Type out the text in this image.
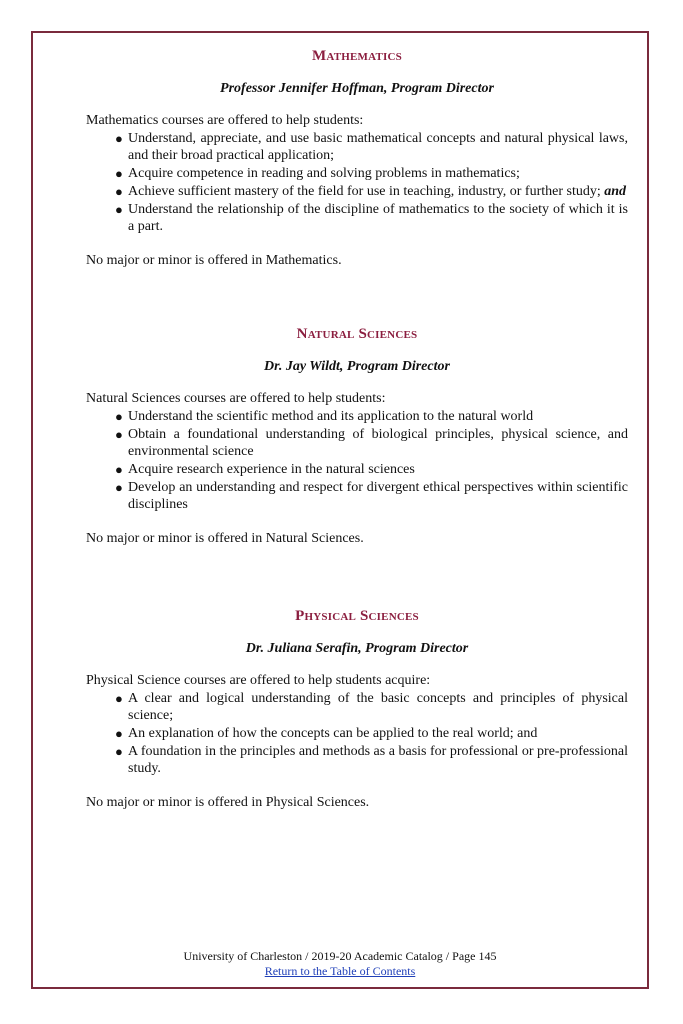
Mathematics

Professor Jennifer Hoffman, Program Director

Mathematics courses are offered to help students:

● Understand, appreciate, and use basic mathematical concepts and natural physical laws, and their broad practical application;
● Acquire competence in reading and solving problems in mathematics;
● Achieve sufficient mastery of the field for use in teaching, industry, or further study; and
● Understand the relationship of the discipline of mathematics to the society of which it is a part.

No major or minor is offered in Mathematics.

Natural Sciences

Dr. Jay Wildt, Program Director

Natural Sciences courses are offered to help students:

● Understand the scientific method and its application to the natural world
● Obtain a foundational understanding of biological principles, physical science, and environmental science
● Acquire research experience in the natural sciences
● Develop an understanding and respect for divergent ethical perspectives within scientific disciplines

No major or minor is offered in Natural Sciences.

Physical Sciences

Dr. Juliana Serafin, Program Director

Physical Science courses are offered to help students acquire:

● A clear and logical understanding of the basic concepts and principles of physical science;
● An explanation of how the concepts can be applied to the real world; and
● A foundation in the principles and methods as a basis for professional or pre-professional study.

No major or minor is offered in Physical Sciences.

University of Charleston / 2019-20 Academic Catalog / Page 145
Return to the Table of Contents
